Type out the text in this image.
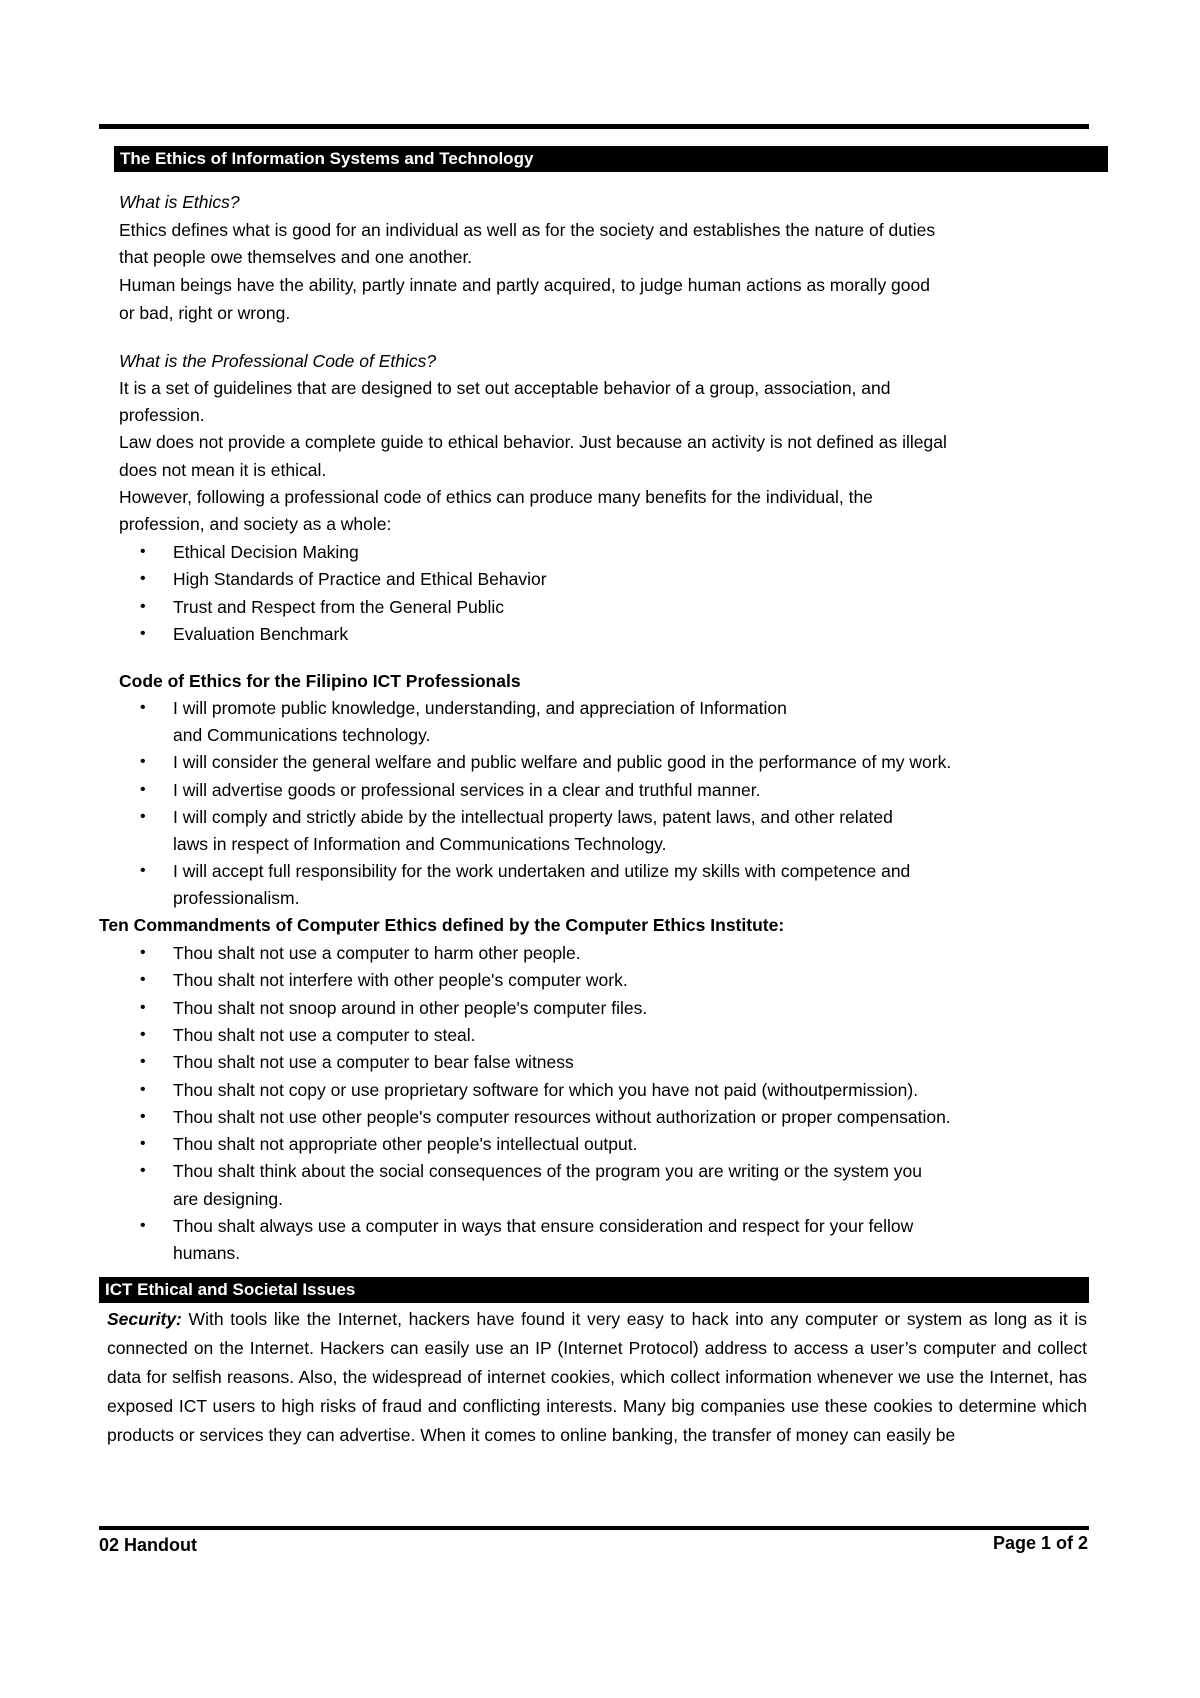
The Ethics of Information Systems and Technology
What is Ethics?
Ethics defines what is good for an individual as well as for the society and establishes the nature of duties
that people owe themselves and one another.
Human beings have the ability, partly innate and partly acquired, to judge human actions as morally good
or bad, right or wrong.
What is the Professional Code of Ethics?
It is a set of guidelines that are designed to set out acceptable behavior of a group, association, and
profession.
Law does not provide a complete guide to ethical behavior. Just because an activity is not defined as illegal
does not mean it is ethical.
However, following a professional code of ethics can produce many benefits for the individual, the
profession, and society as a whole:
• Ethical Decision Making
• High Standards of Practice and Ethical Behavior
• Trust and Respect from the General Public
• Evaluation Benchmark
Code of Ethics for the Filipino ICT Professionals
• I will promote public knowledge, understanding, and appreciation of Information
and Communications technology.
• I will consider the general welfare and public welfare and public good in the performance of my work.
• I will advertise goods or professional services in a clear and truthful manner.
• I will comply and strictly abide by the intellectual property laws, patent laws, and other related
laws in respect of Information and Communications Technology.
• I will accept full responsibility for the work undertaken and utilize my skills with competence and
professionalism.
Ten Commandments of Computer Ethics defined by the Computer Ethics Institute:
• Thou shalt not use a computer to harm other people.
• Thou shalt not interfere with other people's computer work.
• Thou shalt not snoop around in other people's computer files.
• Thou shalt not use a computer to steal.
• Thou shalt not use a computer to bear false witness
• Thou shalt not copy or use proprietary software for which you have not paid (withoutpermission).
• Thou shalt not use other people's computer resources without authorization or proper compensation.
• Thou shalt not appropriate other people's intellectual output.
• Thou shalt think about the social consequences of the program you are writing or the system you
are designing.
• Thou shalt always use a computer in ways that ensure consideration and respect for your fellow
humans.
ICT Ethical and Societal Issues
Security: With tools like the Internet, hackers have found it very easy to hack into any computer or system as long as it is connected on the Internet. Hackers can easily use an IP (Internet Protocol) address to access a user’s computer and collect data for selfish reasons. Also, the widespread of internet cookies, which collect information whenever we use the Internet, has exposed ICT users to high risks of fraud and conflicting interests. Many big companies use these cookies to determine which products or services they can advertise. When it comes to online banking, the transfer of money can easily be
02 Handout	Page 1 of 2
